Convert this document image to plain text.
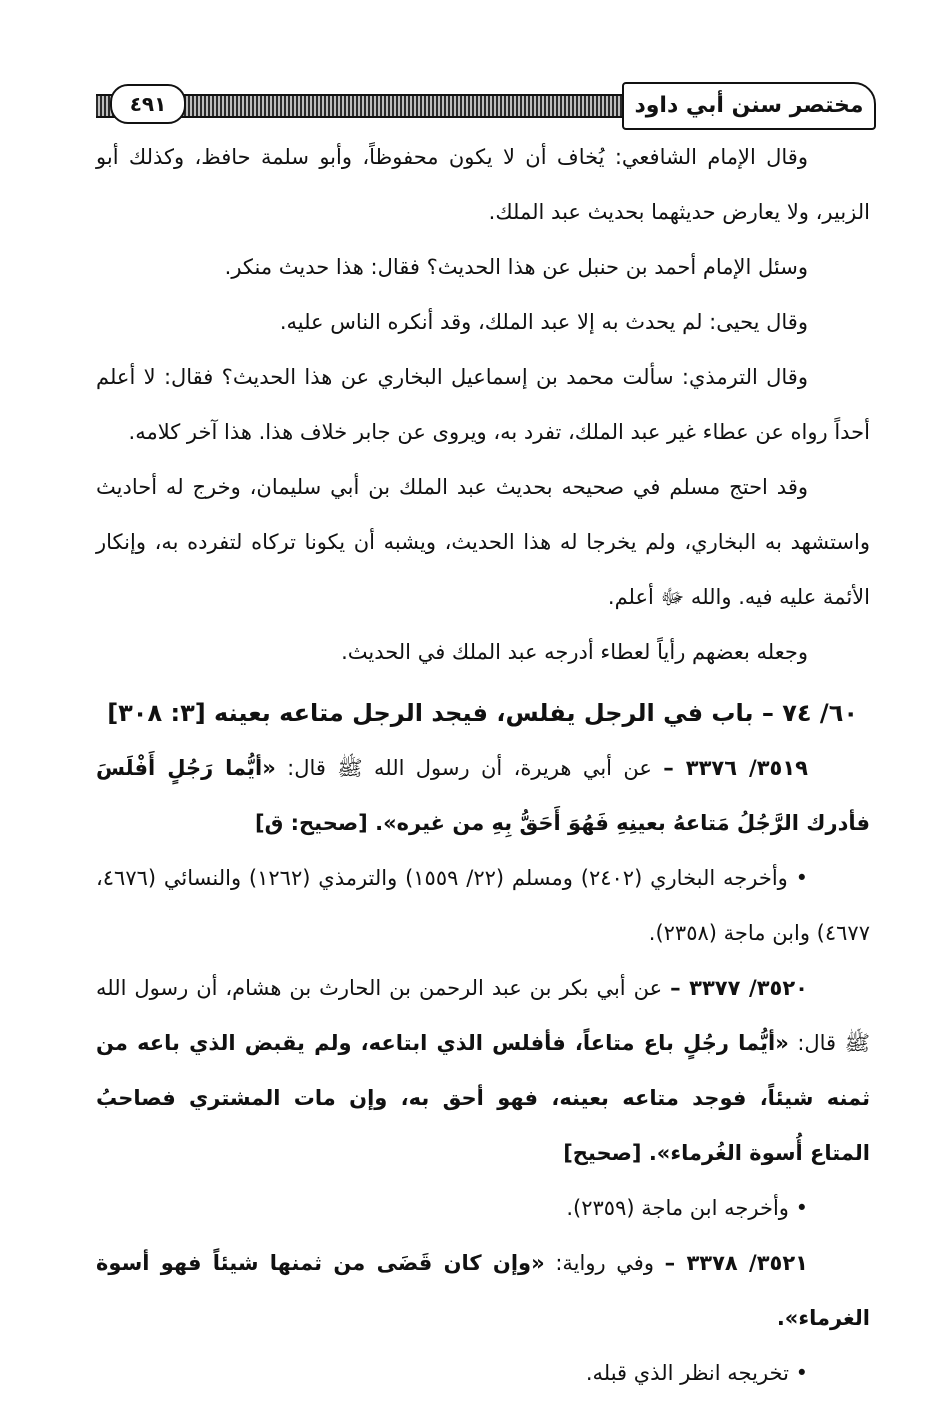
٤٩١	مختصر سنن أبي داود

وقال الإمام الشافعي: يُخاف أن لا يكون محفوظاً، وأبو سلمة حافظ، وكذلك أبو الزبير، ولا يعارض حديثهما بحديث عبد الملك.

وسئل الإمام أحمد بن حنبل عن هذا الحديث؟ فقال: هذا حديث منكر.

وقال يحيى: لم يحدث به إلا عبد الملك، وقد أنكره الناس عليه.

وقال الترمذي: سألت محمد بن إسماعيل البخاري عن هذا الحديث؟ فقال: لا أعلم أحداً رواه عن عطاء غير عبد الملك، تفرد به، ويروى عن جابر خلاف هذا. هذا آخر كلامه.

وقد احتج مسلم في صحيحه بحديث عبد الملك بن أبي سليمان، وخرج له أحاديث واستشهد به البخاري، ولم يخرجا له هذا الحديث، ويشبه أن يكونا تركاه لتفرده به، وإنكار الأئمة عليه فيه. والله ﷻ أعلم.

وجعله بعضهم رأياً لعطاء أدرجه عبد الملك في الحديث.

٦٠/ ٧٤ – باب في الرجل يفلس، فيجد الرجل متاعه بعينه [٣: ٣٠٨]

٣٥١٩/ ٣٣٧٦ – عن أبي هريرة، أن رسول الله ﷺ قال: «أيُّما رَجُلٍ أَفْلَسَ فأدرك الرَّجُلُ مَتاعهُ بعينِهِ فَهُوَ أَحَقُّ بِهِ من غيره». [صحيح: ق]

• وأخرجه البخاري (٢٤٠٢) ومسلم (٢٢/ ١٥٥٩) والترمذي (١٢٦٢) والنسائي (٤٦٧٦، ٤٦٧٧) وابن ماجة (٢٣٥٨).

٣٥٢٠/ ٣٣٧٧ – عن أبي بكر بن عبد الرحمن بن الحارث بن هشام، أن رسول الله ﷺ قال: «أيُّما رجُلٍ باع متاعاً، فأفلس الذي ابتاعه، ولم يقبض الذي باعه من ثمنه شيئاً، فوجد متاعه بعينه، فهو أحق به، وإن مات المشتري فصاحبُ المتاع أُسوة الغُرماء». [صحيح]

• وأخرجه ابن ماجة (٢٣٥٩).

٣٥٢١/ ٣٣٧٨ – وفي رواية: «وإن كان قَضَى من ثمنها شيئاً فهو أسوة الغرماء».

• تخريجه انظر الذي قبله.
